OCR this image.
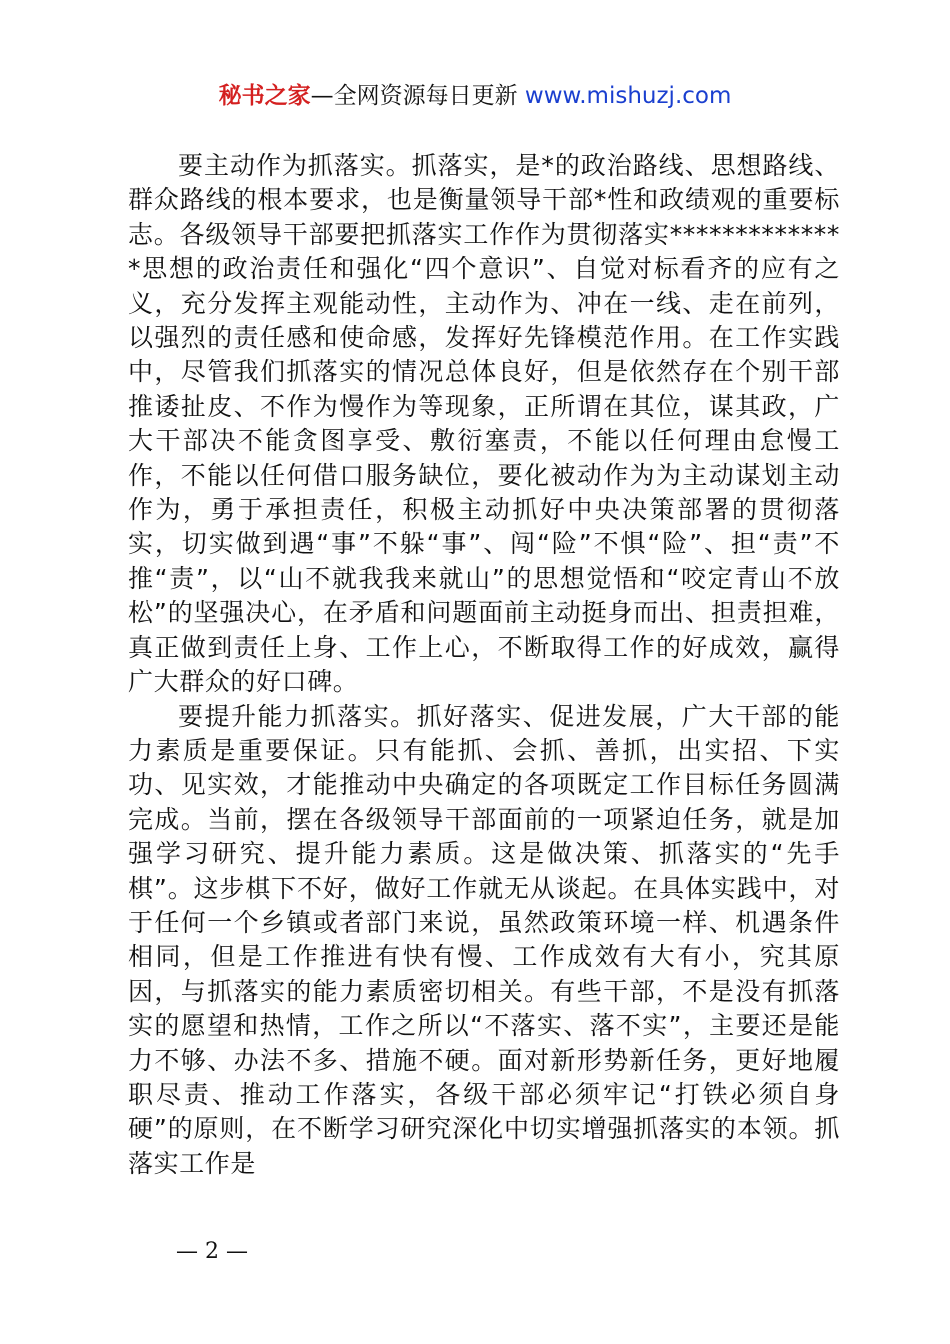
秘书之家—全网资源每日更新 www.mishuzj.com

要主动作为抓落实。抓落实，是*的政治路线、思想路线、群众路线的根本要求，也是衡量领导干部*性和政绩观的重要标志。各级领导干部要把抓落实工作作为贯彻落实**************思想的政治责任和强化“四个意识”、自觉对标看齐的应有之义，充分发挥主观能动性，主动作为、冲在一线、走在前列，以强烈的责任感和使命感，发挥好先锋模范作用。在工作实践中，尽管我们抓落实的情况总体良好，但是依然存在个别干部推诿扯皮、不作为慢作为等现象，正所谓在其位，谋其政，广大干部决不能贪图享受、敷衍塞责，不能以任何理由怠慢工作，不能以任何借口服务缺位，要化被动作为为主动谋划主动作为，勇于承担责任，积极主动抓好中央决策部署的贯彻落实，切实做到遇“事”不躲“事”、闯“险”不惧“险”、担“责”不推“责”，以“山不就我我来就山”的思想觉悟和“咬定青山不放松”的坚强决心，在矛盾和问题面前主动挺身而出、担责担难，真正做到责任上身、工作上心，不断取得工作的好成效，赢得广大群众的好口碑。

要提升能力抓落实。抓好落实、促进发展，广大干部的能力素质是重要保证。只有能抓、会抓、善抓，出实招、下实功、见实效，才能推动中央确定的各项既定工作目标任务圆满完成。当前，摆在各级领导干部面前的一项紧迫任务，就是加强学习研究、提升能力素质。这是做决策、抓落实的“先手棋”。这步棋下不好，做好工作就无从谈起。在具体实践中，对于任何一个乡镇或者部门来说，虽然政策环境一样、机遇条件相同，但是工作推进有快有慢、工作成效有大有小，究其原因，与抓落实的能力素质密切相关。有些干部，不是没有抓落实的愿望和热情，工作之所以“不落实、落不实”，主要还是能力不够、办法不多、措施不硬。面对新形势新任务，更好地履职尽责、推动工作落实，各级干部必须牢记“打铁必须自身硬”的原则，在不断学习研究深化中切实增强抓落实的本领。抓落实工作是

— 2 —
